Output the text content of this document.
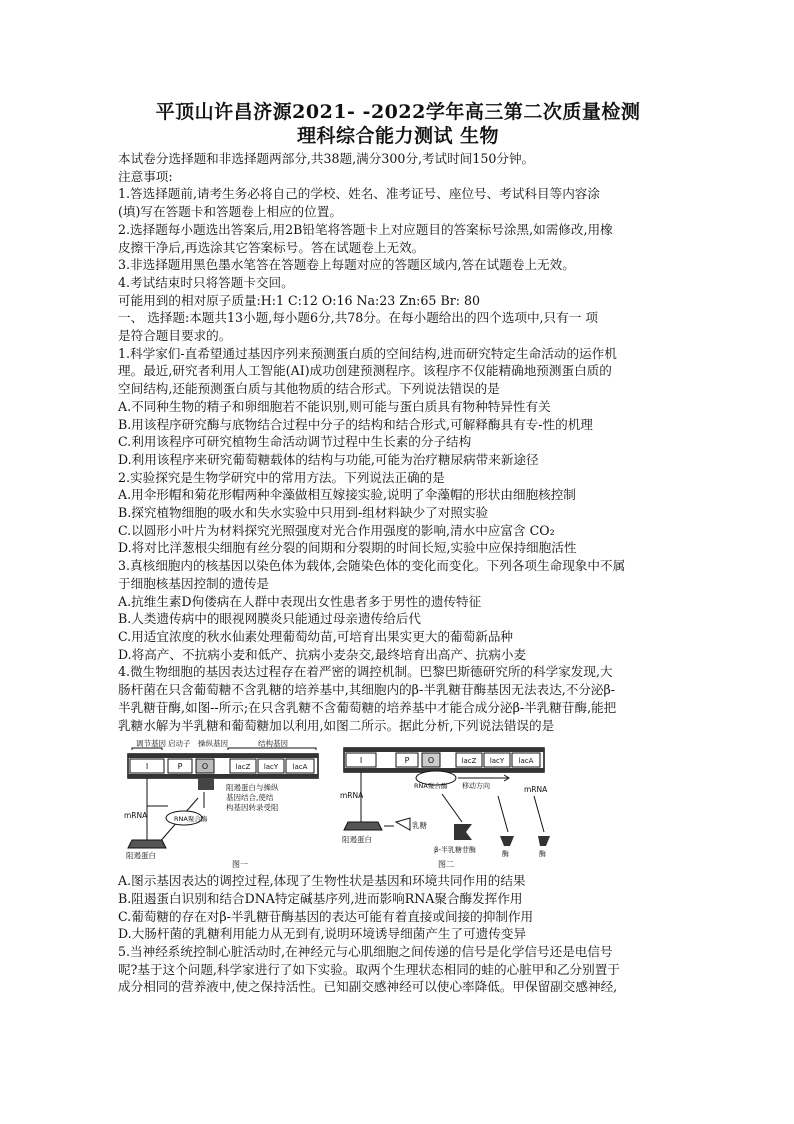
平顶山许昌济源2021- -2022学年高三第二次质量检测
理科综合能力测试 生物

本试卷分选择题和非选择题两部分,共38题,满分300分,考试时间150分钟。

注意事项:

1.答选择题前,请考生务必将自己的学校、姓名、准考证号、座位号、考试科目等内容涂

(填)写在答题卡和答题卷上相应的位置。

2.选择题每小题选出答案后,用2B铅笔将答题卡上对应题目的答案标号涂黑,如需修改,用橡

皮擦干净后,再选涂其它答案标号。答在试题卷上无效。

3.非选择题用黑色墨水笔答在答题卷上每题对应的答题区域内,答在试题卷上无效。

4.考试结束时只将答题卡交回。

可能用到的相对原子质量:H:1 C:12 O:16 Na:23 Zn:65 Br: 80

一、 选择题:本题共13小题,每小题6分,共78分。在每小题给出的四个选项中,只有一 项

是符合题目要求的。

1.科学家们-直希望通过基因序列来预测蛋白质的空间结构,进而研究特定生命活动的运作机

理。最近,研究者利用人工智能(AI)成功创建预测程序。该程序不仅能精确地预测蛋白质的

空间结构,还能预测蛋白质与其他物质的结合形式。下列说法错误的是

A.不同种生物的精子和卵细胞若不能识别,则可能与蛋白质具有物种特异性有关

B.用该程序研究酶与底物结合过程中分子的结构和结合形式,可解释酶具有专-性的机理

C.利用该程序可研究植物生命活动调节过程中生长素的分子结构

D.利用该程序来研究葡萄糖载体的结构与功能,可能为治疗糖尿病带来新途径

2.实验探究是生物学研究中的常用方法。下列说法正确的是

A.用伞形帽和菊花形帽两种伞藻做相互嫁接实验,说明了伞藻帽的形状由细胞核控制

B.探究植物细胞的吸水和失水实验中只用到-组材料缺少了对照实验

C.以圆形小叶片为材料探究光照强度对光合作用强度的影响,清水中应富含 CO₂

D.将对比洋葱根尖细胞有丝分裂的间期和分裂期的时间长短,实验中应保持细胞活性

3.真核细胞内的核基因以染色体为载体,会随染色体的变化而变化。下列各项生命现象中不属

于细胞核基因控制的遗传是

A.抗维生素D佝偻病在人群中表现出女性患者多于男性的遗传特征

B.人类遗传病中的眼视网膜炎只能通过母亲遗传给后代

C.用适宜浓度的秋水仙素处理葡萄幼苗,可培育出果实更大的葡萄新品种

D.将高产、不抗病小麦和低产、抗病小麦杂交,最终培育出高产、抗病小麦

4.微生物细胞的基因表达过程存在着严密的调控机制。巴黎巴斯德研究所的科学家发现,大

肠杆菌在只含葡萄糖不含乳糖的培养基中,其细胞内的β-半乳糖苷酶基因无法表达,不分泌β-

半乳糖苷酶,如图--所示;在只含乳糖不含葡萄糖的培养基中才能合成分泌β-半乳糖苷酶,能把

乳糖水解为半乳糖和葡萄糖加以利用,如图二所示。据此分析,下列说法错误的是

调节基因 启动子 操纵基因	结构基因
I	P O	lacZ lacY lacA
阻遏蛋白与操纵
基因结合,使结
构基因转录受阻
mRNA	RNA聚合酶
阻遏蛋白
图一
I	P O	lacZ lacY lacA
RNA聚合酶 移动方向
mRNA
mRNA
乳糖
阻遏蛋白
β-半乳糖苷酶	酶	酶
图二

A.图示基因表达的调控过程,体现了生物性状是基因和环境共同作用的结果

B.阻遏蛋白识别和结合DNA特定碱基序列,进而影响RNA聚合酶发挥作用

C.葡萄糖的存在对β-半乳糖苷酶基因的表达可能有着直接或间接的抑制作用

D.大肠杆菌的乳糖利用能力从无到有,说明环境诱导细菌产生了可遗传变异

5.当神经系统控制心脏活动时,在神经元与心肌细胞之间传递的信号是化学信号还是电信号

呢?基于这个问题,科学家进行了如下实验。取两个生理状态相同的蛙的心脏甲和乙分别置于

成分相同的营养液中,使之保持活性。已知副交感神经可以使心率降低。甲保留副交感神经,
